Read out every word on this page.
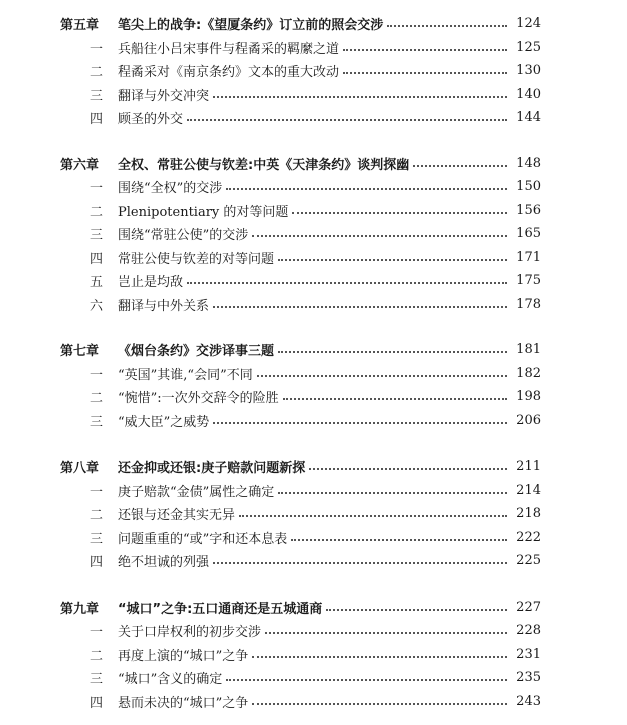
第五章	笔尖上的战争:《望厦条约》订立前的照会交涉	124
一	兵船往小吕宋事件与程矞采的羁縻之道	125
二	程矞采对《南京条约》文本的重大改动	130
三	翻译与外交冲突	140
四	顾圣的外交	144
第六章	全权、常驻公使与钦差:中英《天津条约》谈判探幽	148
一	围绕“全权”的交涉	150
二	Plenipotentiary 的对等问题	156
三	围绕“常驻公使”的交涉	165
四	常驻公使与钦差的对等问题	171
五	岂止是均敌	175
六	翻译与中外关系	178
第七章	《烟台条约》交涉译事三题	181
一	“英国”其谁,“会同”不同	182
二	“惋惜”:一次外交辞令的险胜	198
三	“威大臣”之威势	206
第八章	还金抑或还银:庚子赔款问题新探	211
一	庚子赔款“金债”属性之确定	214
二	还银与还金其实无异	218
三	问题重重的“或”字和还本息表	222
四	绝不坦诚的列强	225
第九章	“城口”之争:五口通商还是五城通商	227
一	关于口岸权利的初步交涉	228
二	再度上演的“城口”之争	231
三	“城口”含义的确定	235
四	悬而未决的“城口”之争	243
